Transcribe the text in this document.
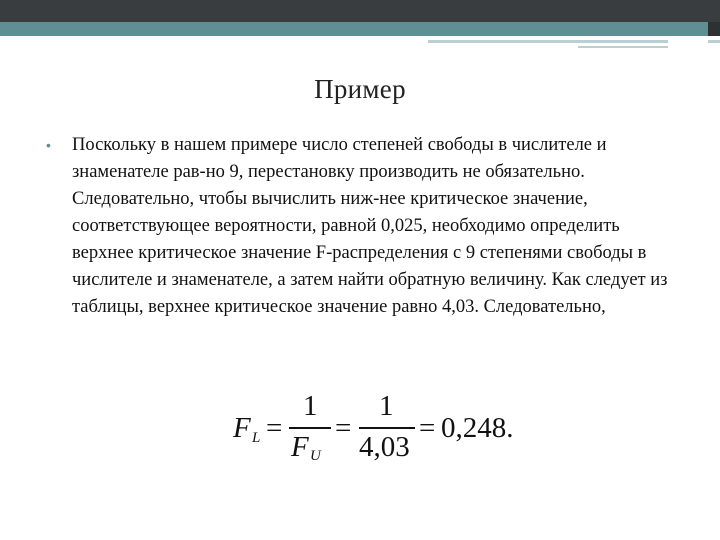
Пример
• Поскольку в нашем примере число степеней свободы в числителе и знаменателе рав-но 9, перестановку производить не обязательно. Следовательно, чтобы вычислить ниж-нее критическое значение, соответствующее вероятности, равной 0,025, необходимо определить верхнее критическое значение F-распределения с 9 степенями свободы в числителе и знаменателе, а затем найти обратную величину. Как следует из таблицы, верхнее критическое значение равно 4,03. Следовательно,
F L =
1
F U
=
1
4,03
= 0,248.
